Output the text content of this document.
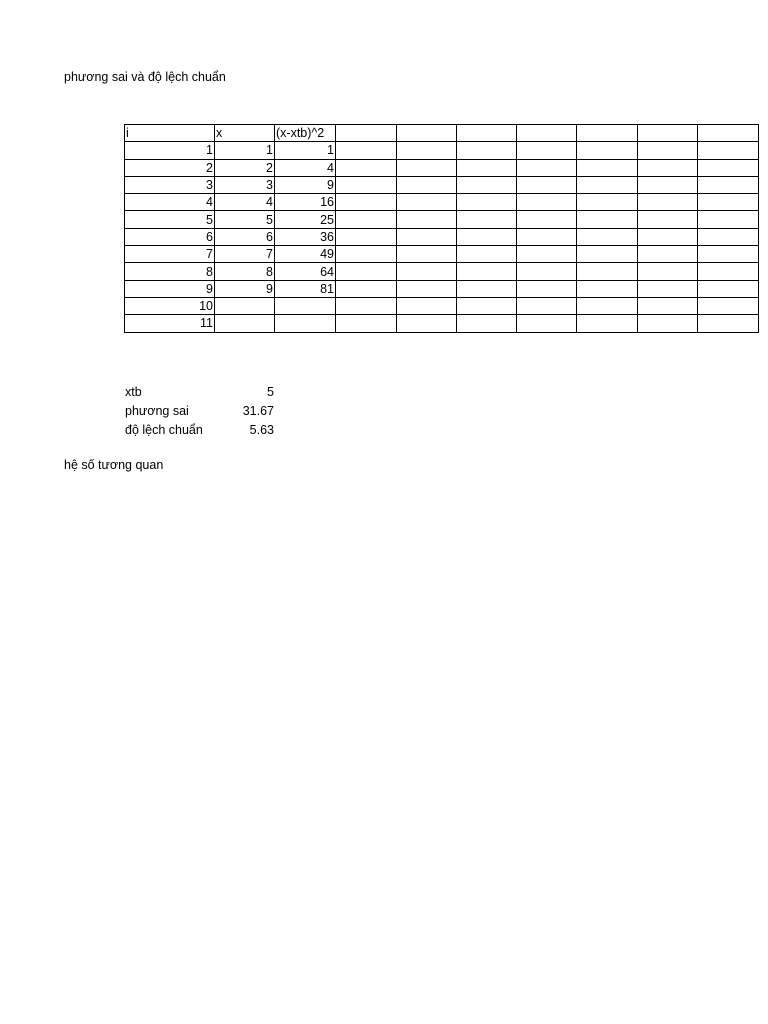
phương sai và độ lệch chuẩn
i	x	(x-xtb)^2							
1	1	1							
2	2	4							
3	3	9							
4	4	16							
5	5	25							
6	6	36							
7	7	49							
8	8	64							
9	9	81							
10									
11									
xtb	5
phương sai	31.67
độ lệch chuẩn	5.63
hệ số tương quan
